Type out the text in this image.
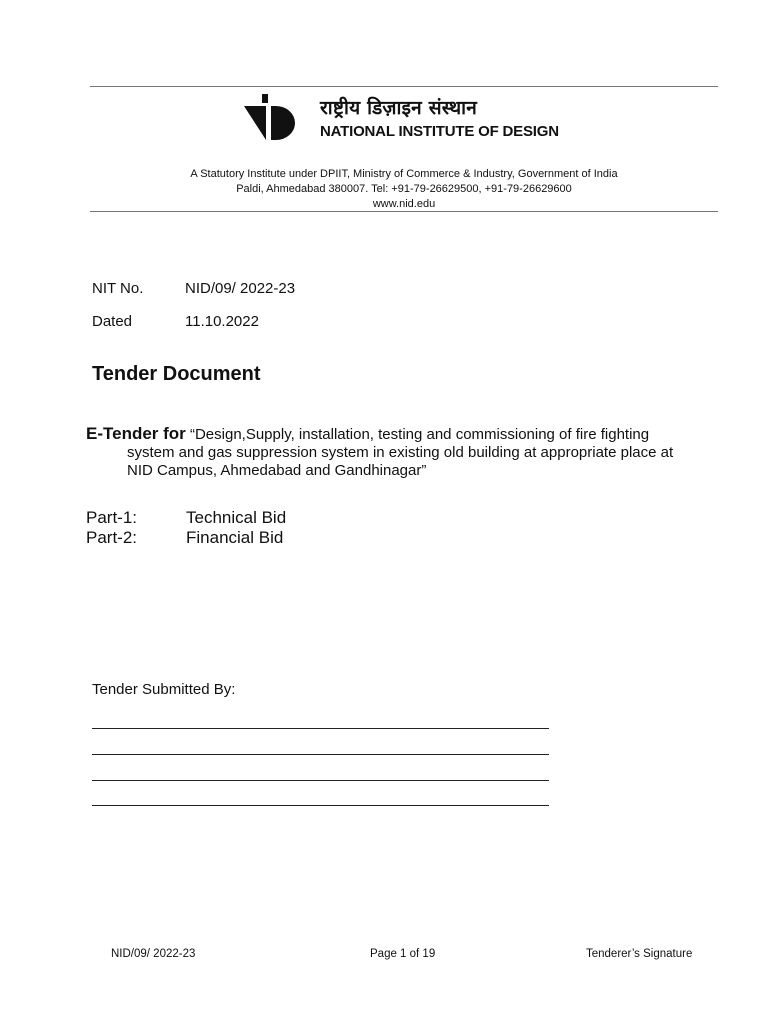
राष्ट्रीय डिज़ाइन संस्थान
NATIONAL INSTITUTE OF DESIGN
A Statutory Institute under DPIIT, Ministry of Commerce & Industry, Government of India
Paldi, Ahmedabad 380007. Tel: +91-79-26629500, +91-79-26629600
www.nid.edu
NIT No.	NID/09/ 2022-23
Dated	11.10.2022
Tender Document
E-Tender for “Design,Supply, installation, testing and commissioning of fire fighting
system and gas suppression system in existing old building at appropriate place at
NID Campus, Ahmedabad and Gandhinagar”
Part-1:	Technical Bid
Part-2:	Financial Bid
Tender Submitted By:
NID/09/ 2022-23	Page 1 of 19	Tenderer’s Signature
